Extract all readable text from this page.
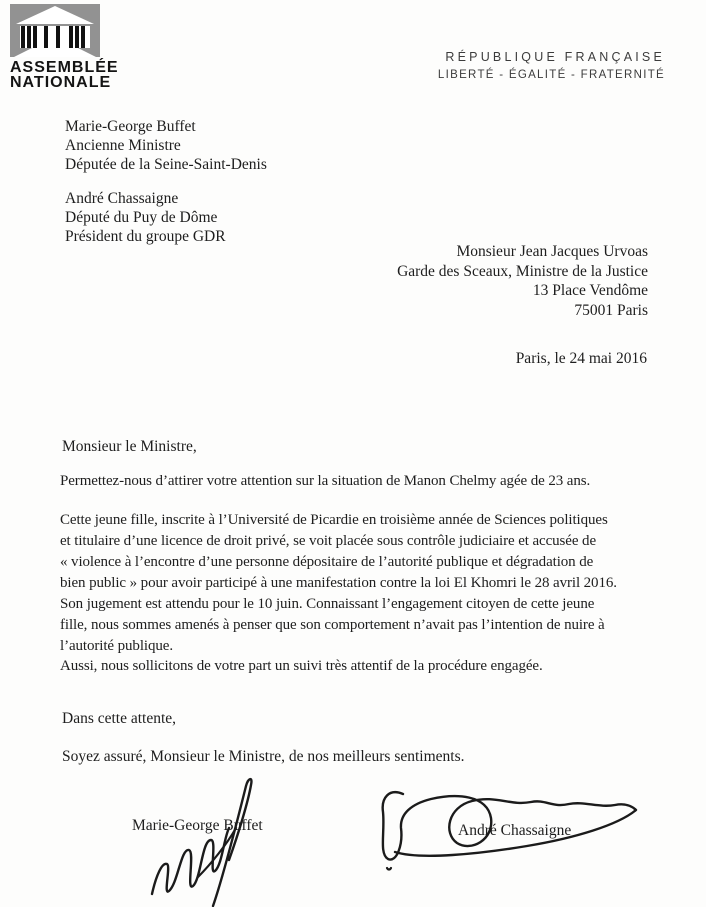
ASSEMBLÉE
NATIONALE
RÉPUBLIQUE FRANÇAISE
LIBERTÉ - ÉGALITÉ - FRATERNITÉ
Marie-George Buffet
Ancienne Ministre
Députée de la Seine-Saint-Denis
André Chassaigne
Député du Puy de Dôme
Président du groupe GDR
Monsieur Jean Jacques Urvoas
Garde des Sceaux, Ministre de la Justice
13 Place Vendôme
75001 Paris
Paris, le 24 mai 2016
Monsieur le Ministre,
Permettez-nous d’attirer votre attention sur la situation de Manon Chelmy agée de 23 ans.
Cette jeune fille, inscrite à l’Université de Picardie en troisième année de Sciences politiques
et titulaire d’une licence de droit privé, se voit placée sous contrôle judiciaire et accusée de
« violence à l’encontre d’une personne dépositaire de l’autorité publique et dégradation de
bien public » pour avoir participé à une manifestation contre la loi El Khomri le 28 avril 2016.
Son jugement est attendu pour le 10 juin. Connaissant l’engagement citoyen de cette jeune
fille, nous sommes amenés à penser que son comportement n’avait pas l’intention de nuire à
l’autorité publique.
Aussi, nous sollicitons de votre part un suivi très attentif de la procédure engagée.
Dans cette attente,
Soyez assuré, Monsieur le Ministre, de nos meilleurs sentiments.
Marie-George Buffet	André Chassaigne
